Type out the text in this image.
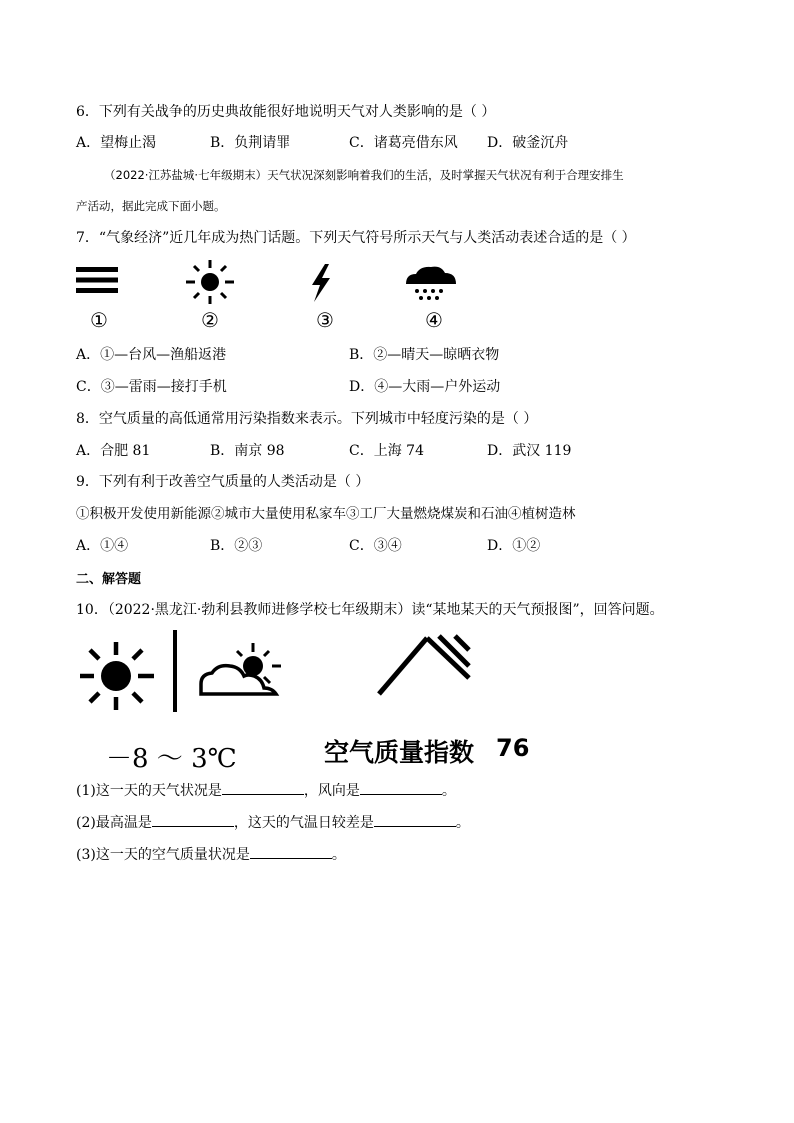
6．下列有关战争的历史典故能很好地说明天气对人类影响的是（ ）
A．望梅止渴	B．负荆请罪	C．诸葛亮借东风 D．破釜沉舟
（2022·江苏盐城·七年级期末）天气状况深刻影响着我们的生活，及时掌握天气状况有利于合理安排生
产活动，据此完成下面小题。
7．“气象经济”近几年成为热门话题。下列天气符号所示天气与人类活动表述合适的是（ ）
①	②	③	④
A．①—台风—渔船返港	B．②—晴天—晾晒衣物
C．③—雷雨—接打手机	D．④—大雨—户外运动
8．空气质量的高低通常用污染指数来表示。下列城市中轻度污染的是（ ）
A．合肥 81	B．南京 98	C．上海 74	D．武汉 119
9．下列有利于改善空气质量的人类活动是（ ）
①积极开发使用新能源②城市大量使用私家车③工厂大量燃烧煤炭和石油④植树造林
A．①④	B．②③	C．③④	D．①②
二、解答题
10．（2022·黑龙江·勃利县教师进修学校七年级期末）读“某地某天的天气预报图”，回答问题。
－8 ～ 3℃	空气质量指数 76
(1)这一天的天气状况是	，风向是	。
(2)最高温是	，这天的气温日较差是	。
(3)这一天的空气质量状况是	。
